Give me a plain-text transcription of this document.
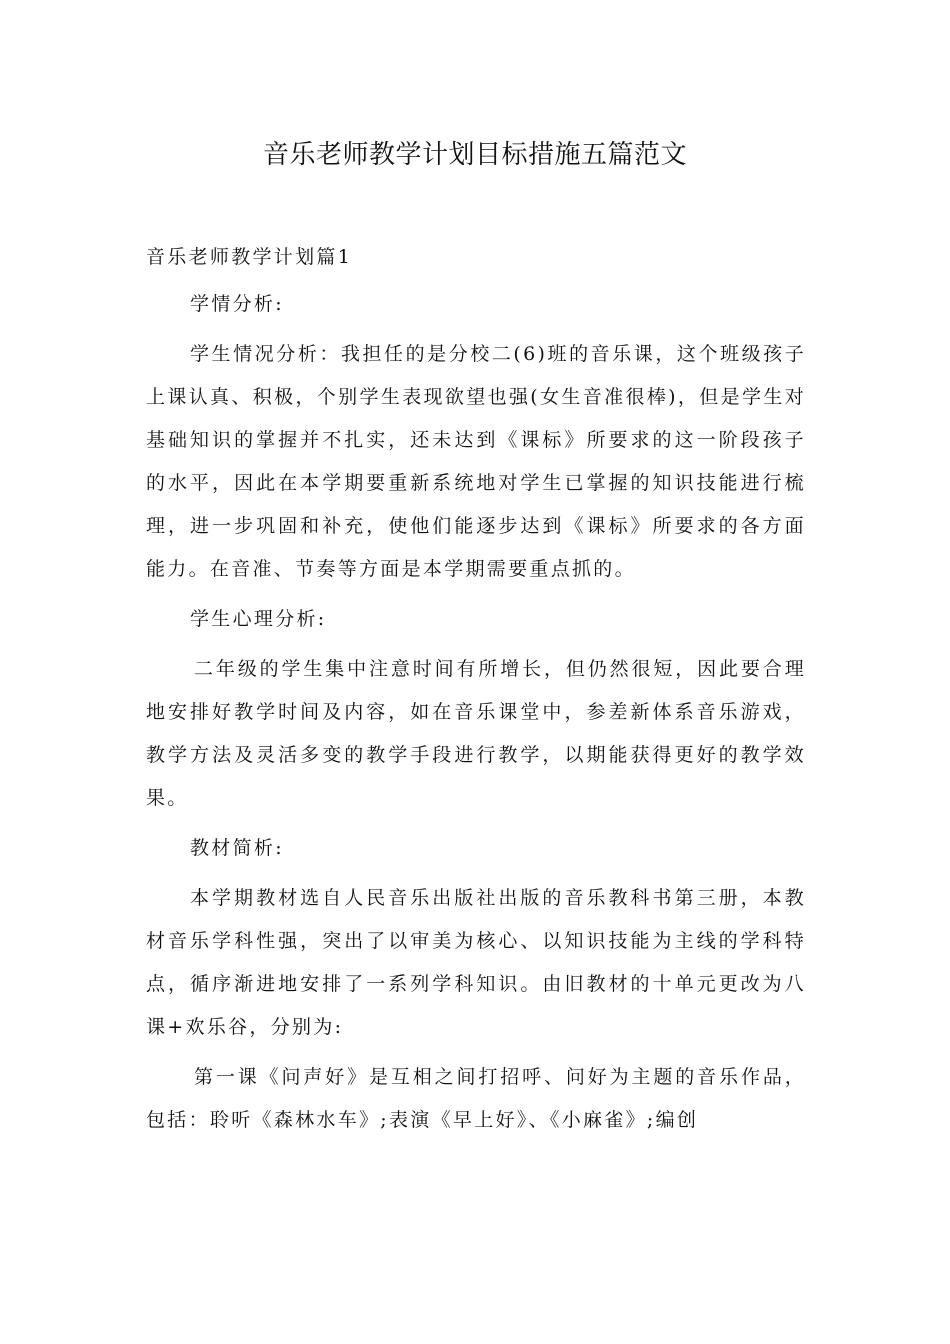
音乐老师教学计划目标措施五篇范文

音乐老师教学计划篇1

学情分析:

学生情况分析：我担任的是分校二(6)班的音乐课，这个班级孩子上课认真、积极，个别学生表现欲望也强(女生音准很棒)，但是学生对基础知识的掌握并不扎实，还未达到《课标》所要求的这一阶段孩子的水平，因此在本学期要重新系统地对学生已掌握的知识技能进行梳理，进一步巩固和补充，使他们能逐步达到《课标》所要求的各方面能力。在音准、节奏等方面是本学期需要重点抓的。

学生心理分析:

二年级的学生集中注意时间有所增长，但仍然很短，因此要合理地安排好教学时间及内容，如在音乐课堂中，参差新体系音乐游戏，教学方法及灵活多变的教学手段进行教学，以期能获得更好的教学效果。

教材简析:

本学期教材选自人民音乐出版社出版的音乐教科书第三册，本教材音乐学科性强，突出了以审美为核心、以知识技能为主线的学科特点，循序渐进地安排了一系列学科知识。由旧教材的十单元更改为八课+欢乐谷，分别为:

第一课《问声好》是互相之间打招呼、问好为主题的音乐作品，包括：聆听《森林水车》;表演《早上好》、《小麻雀》;编创
